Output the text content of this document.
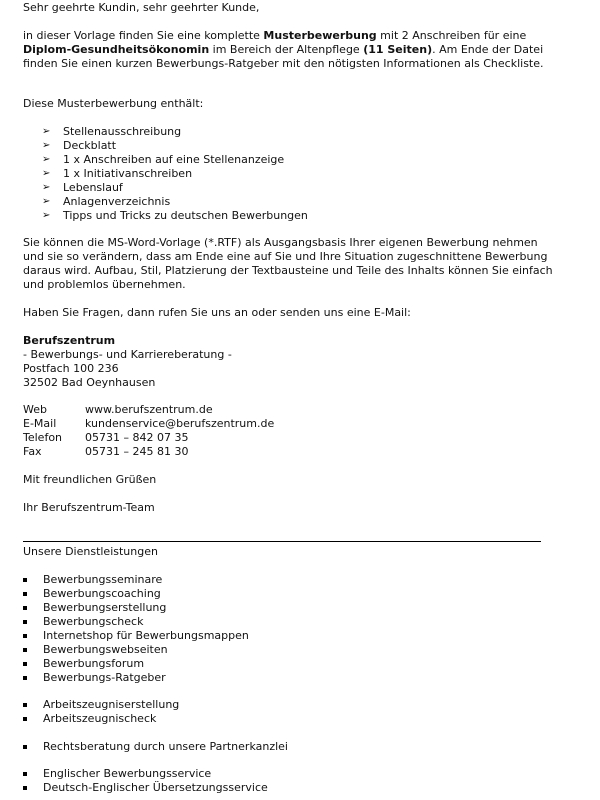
Sehr geehrte Kundin, sehr geehrter Kunde,

in dieser Vorlage finden Sie eine komplette Musterbewerbung mit 2 Anschreiben für eine Diplom-Gesundheitsökonomin im Bereich der Altenpflege (11 Seiten). Am Ende der Datei finden Sie einen kurzen Bewerbungs-Ratgeber mit den nötigsten Informationen als Checkliste.

Diese Musterbewerbung enthält:

➢ Stellenausschreibung
➢ Deckblatt
➢ 1 x Anschreiben auf eine Stellenanzeige
➢ 1 x Initiativanschreiben
➢ Lebenslauf
➢ Anlagenverzeichnis
➢ Tipps und Tricks zu deutschen Bewerbungen

Sie können die MS-Word-Vorlage (*.RTF) als Ausgangsbasis Ihrer eigenen Bewerbung nehmen und sie so verändern, dass am Ende eine auf Sie und Ihre Situation zugeschnittene Bewerbung daraus wird. Aufbau, Stil, Platzierung der Textbausteine und Teile des Inhalts können Sie einfach und problemlos übernehmen.

Haben Sie Fragen, dann rufen Sie uns an oder senden uns eine E-Mail:

Berufszentrum

- Bewerbungs- und Karriereberatung -

Postfach 100 236

32502 Bad Oeynhausen

Web	www.berufszentrum.de
E-Mail	kundenservice@berufszentrum.de
Telefon 05731 – 842 07 35
Fax	05731 – 245 81 30

Mit freundlichen Grüßen

Ihr Berufszentrum-Team

Unsere Dienstleistungen

Bewerbungsseminare
Bewerbungscoaching
Bewerbungserstellung
Bewerbungscheck
Internetshop für Bewerbungsmappen
Bewerbungswebseiten
Bewerbungsforum
Bewerbungs-Ratgeber
Arbeitszeugniserstellung
Arbeitszeugnischeck
Rechtsberatung durch unsere Partnerkanzlei
Englischer Bewerbungsservice
Deutsch-Englischer Übersetzungsservice
